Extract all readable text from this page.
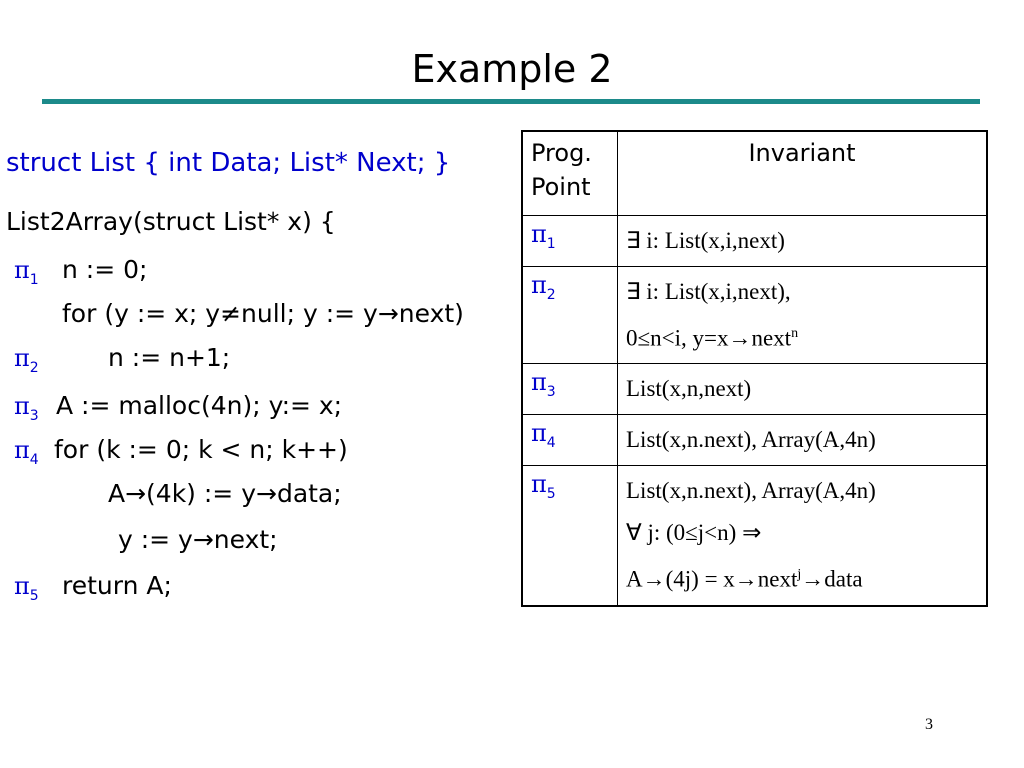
Example 2
struct List { int Data; List* Next; }
List2Array(struct List* x) {
$\pi_1$ n := 0;
for (y := x; y≠null; y := y→next)
$\pi_2$	n := n+1;
$\pi_3$ A := malloc(4n); y:= x;
$\pi_4$ for (k := 0; k < n; k++)
A→(4k) := y→data;
y := y→next;
$\pi_5$ return A;
Prog.
Point	Invariant
$\pi_1$	∃ i: List(x,i,next)

$\pi_2$	∃ i: List(x,i,next),
0≤n<i, y=x→next$^n$

$\pi_3$	List(x,n,next)

$\pi_4$	List(x,n.next), Array(A,4n)

$\pi_5$	List(x,n.next), Array(A,4n)
∀ j: (0≤j<n) ⇒
A→(4j) = x→next$^j$→data
3
